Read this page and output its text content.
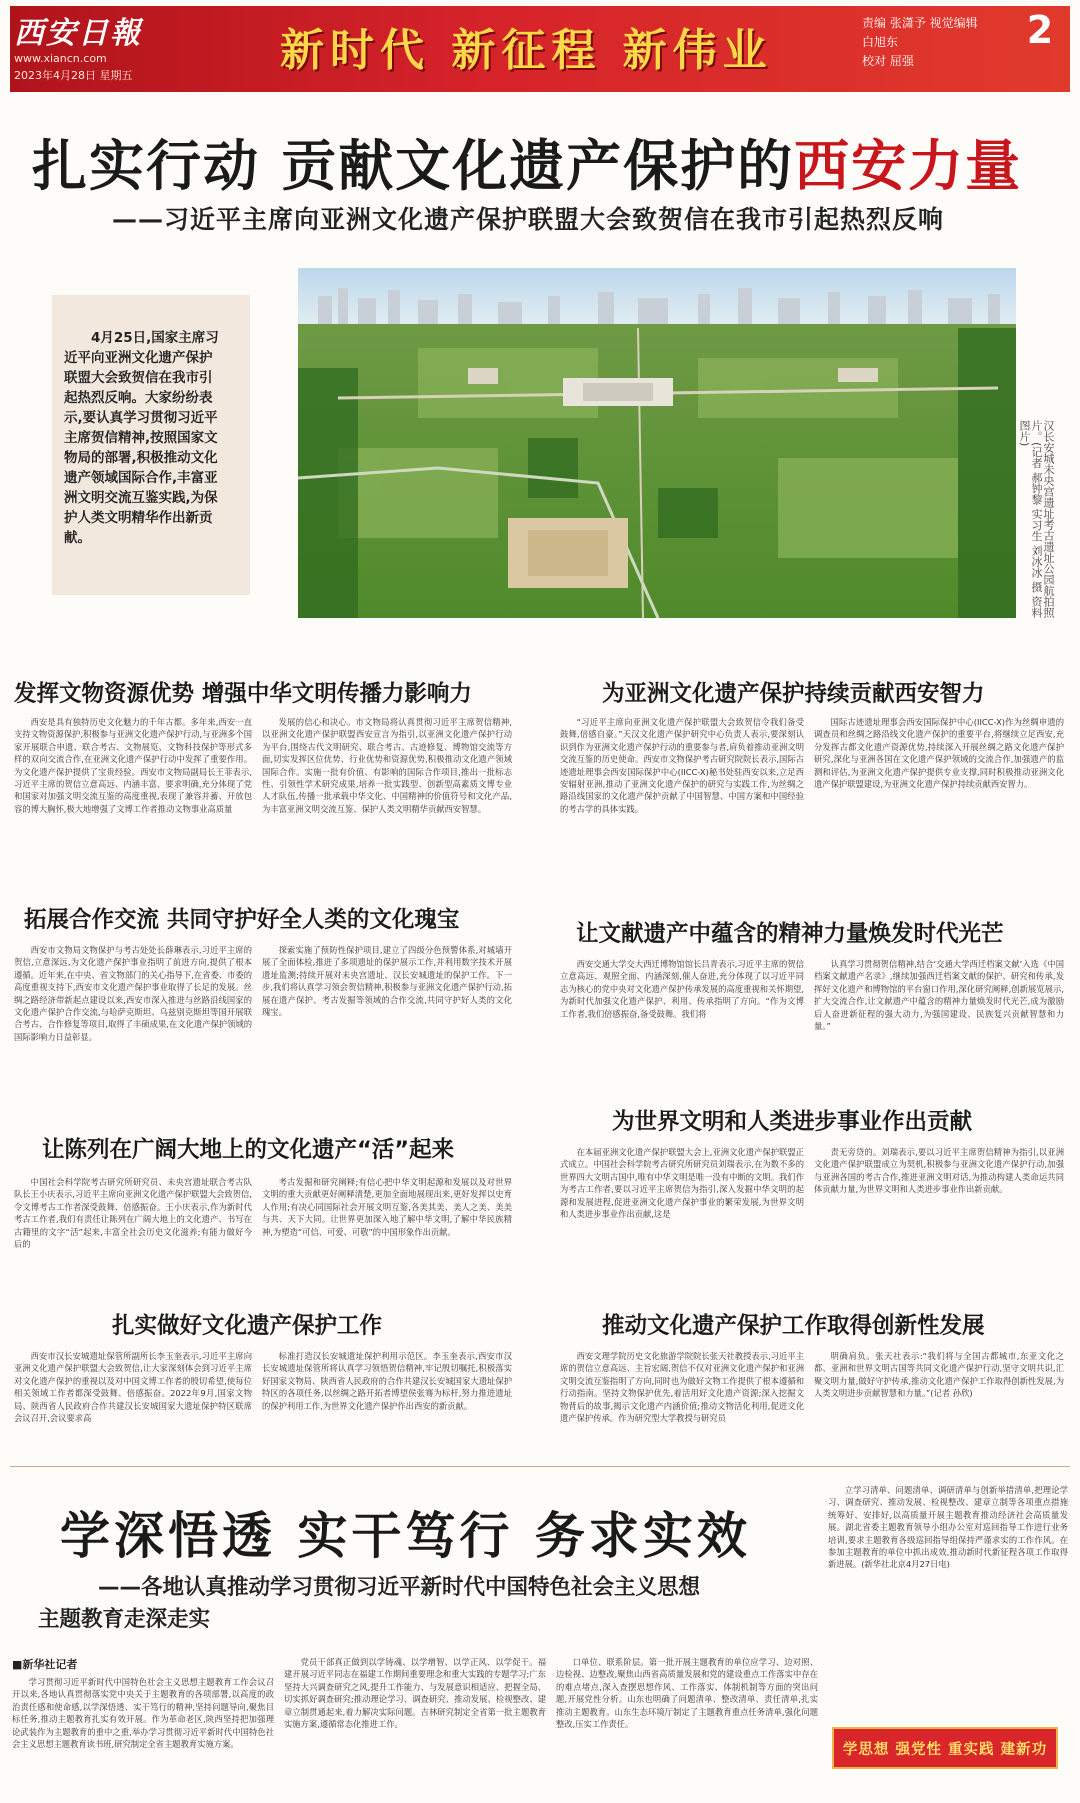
西安日報
www.xiancn.com
2023年4月28日 星期五	新时代 新征程 新伟业
责编 张潇予 视觉编辑 白旭东
校对 屈强
2
扎实行动 贡献文化遗产保护的西安力量
——习近平主席向亚洲文化遗产保护联盟大会致贺信在我市引起热烈反响
4月25日,国家主席习近平向亚洲文化遗产保护联盟大会致贺信在我市引起热烈反响。大家纷纷表示,要认真学习贯彻习近平主席贺信精神,按照国家文物局的部署,积极推动文化遗产领域国际合作,丰富亚洲文明交流互鉴实践,为保护人类文明精华作出新贡献。	汉长安城未央宫遗址考古遗址公园航拍照片。(记者 郝钟黎 实习生 刘冰冰 摄 资料图片)
发挥文物资源优势 增强中华文明传播力影响力
西安是具有独特历史文化魅力的千年古都。多年来,西安一直支持文物资源保护,积极参与亚洲文化遗产保护行动,与亚洲多个国家开展联合申遗、联合考古、文物展览、文物科技保护等形式多样的双向交流合作,在亚洲文化遗产保护行动中发挥了重要作用。为文化遗产保护提供了宝贵经验。西安市文物局副局长王菲表示,习近平主席的贺信立意高远、内涵丰富、要求明确,充分体现了党和国家对加强文明交流互鉴的高度重视,表现了兼容并蓄、开放包容的博大胸怀,极大地增强了文博工作者推动文物事业高质量
发展的信心和决心。市文物局将认真贯彻习近平主席贺信精神,以亚洲文化遗产保护联盟西安宣言为指引,以亚洲文化遗产保护行动为平台,围绕古代文明研究、联合考古、古迹修复、博物馆交流等方面,切实发挥区位优势、行业优势和资源优势,积极推动文化遗产领域国际合作。实施一批有价值、有影响的国际合作项目,推出一批标志性、引领性学术研究成果,培养一批实践型、创新型高素质文博专业人才队伍,传播一批承载中华文化、中国精神的价值符号和文化产品,为丰富亚洲文明交流互鉴、保护人类文明精华贡献西安智慧。
为亚洲文化遗产保护持续贡献西安智力
“习近平主席向亚洲文化遗产保护联盟大会致贺信令我们备受鼓舞,倍感自豪。”天汉文化遗产保护研究中心负责人表示,要深刻认识到作为亚洲文化遗产保护行动的重要参与者,肩负着推动亚洲文明交流互鉴的历史使命。西安市文物保护考古研究院院长表示,国际古迹遗址理事会西安国际保护中心(IICC-X)秘书处驻西安以来,立足西安辐射亚洲,推动了亚洲文化遗产保护的研究与实践工作,为丝绸之路沿线国家的文化遗产保护贡献了中国智慧、中国方案和中国经验的考古学的具体实践。
国际古迹遗址理事会西安国际保护中心(IICC-X)作为丝绸申遗的调查员和丝绸之路沿线文化遗产保护的重要平台,将继续立足西安,充分发挥古都文化遗产资源优势,持续深入开展丝绸之路文化遗产保护研究,深化与亚洲各国在文化遗产保护领域的交流合作,加强遗产的监测和评估,为亚洲文化遗产保护提供专业支撑,同时积极推动亚洲文化遗产保护联盟建设,为亚洲文化遗产保护持续贡献西安智力。
拓展合作交流 共同守护好全人类的文化瑰宝
西安市文物局文物保护与考古处处长薛琳表示,习近平主席的贺信,立意深远,为文化遗产保护事业指明了前进方向,提供了根本遵循。近年来,在中央、省文物部门的关心指导下,在省委、市委的高度重视支持下,西安市文化遗产保护事业取得了长足的发展。丝绸之路经济带新起点建设以来,西安市深入推进与丝路沿线国家的文化遗产保护合作交流,与哈萨克斯坦、乌兹别克斯坦等国开展联合考古、合作修复等项目,取得了丰硕成果,在文化遗产保护领域的国际影响力日益彰显。
探索实施了预防性保护项目,建立了四级分色预警体系,对城墙开展了全面体检,推进了多项遗址的保护展示工作,并利用数字技术开展遗址监测;持续开展对未央宫遗址、汉长安城遗址的保护工作。下一步,我们将认真学习领会贺信精神,积极参与亚洲文化遗产保护行动,拓展在遗产保护、考古发掘等领域的合作交流,共同守护好人类的文化瑰宝。
让文献遗产中蕴含的精神力量焕发时代光芒
西安交通大学交大西迁博物馆馆长吕青表示,习近平主席的贺信立意高远、观照全面、内涵深刻,催人奋进,充分体现了以习近平同志为核心的党中央对文化遗产保护传承发展的高度重视和关怀期望,为新时代加强文化遗产保护、利用、传承指明了方向。“作为文博工作者,我们倍感振奋,备受鼓舞。我们将
认真学习贯彻贺信精神,结合‘交通大学西迁档案文献’入选《中国档案文献遗产名录》,继续加强西迁档案文献的保护、研究和传承,发挥好文化遗产和博物馆的平台窗口作用,深化研究阐释,创新展览展示,扩大交流合作,让文献遗产中蕴含的精神力量焕发时代光芒,成为激励后人奋进新征程的强大动力,为强国建设、民族复兴贡献智慧和力量。”
让陈列在广阔大地上的文化遗产“活”起来
中国社会科学院考古研究所研究员、未央宫遗址联合考古队队长王小庆表示,习近平主席向亚洲文化遗产保护联盟大会致贺信,令文博考古工作者深受鼓舞、倍感振奋。王小庆表示,作为新时代考古工作者,我们有责任让陈列在广阔大地上的文化遗产、书写在古籍里的文字“活”起来,丰富全社会历史文化滋养;有能力做好今后的
考古发掘和研究阐释;有信心把中华文明起源和发展以及对世界文明的重大贡献更好阐释清楚,更加全面地展现出来,更好发挥以史育人作用;有决心同国际社会开展文明互鉴,各美其美、美人之美、美美与共、天下大同。让世界更加深入地了解中华文明,了解中华民族精神,为塑造“可信、可爱、可敬”的中国形象作出贡献。
为世界文明和人类进步事业作出贡献
在本届亚洲文化遗产保护联盟大会上,亚洲文化遗产保护联盟正式成立。中国社会科学院考古研究所研究员刘瑞表示,在为数不多的世界四大文明古国中,唯有中华文明是唯一没有中断的文明。我们作为考古工作者,要以习近平主席贺信为指引,深入发掘中华文明的起源和发展进程,促进亚洲文化遗产保护事业的繁荣发展,为世界文明和人类进步事业作出贡献,这是
责无旁贷的。刘瑞表示,要以习近平主席贺信精神为指引,以亚洲文化遗产保护联盟成立为契机,积极参与亚洲文化遗产保护行动,加强与亚洲各国的考古合作,推进亚洲文明对话,为推动构建人类命运共同体贡献力量,为世界文明和人类进步事业作出新贡献。
扎实做好文化遗产保护工作
西安市汉长安城遗址保管所副所长李玉奎表示,习近平主席向亚洲文化遗产保护联盟大会致贺信,让大家深刻体会到习近平主席对文化遗产保护的重视以及对中国文博工作者的殷切希望,使每位相关领域工作者都深受鼓舞、倍感振奋。2022年9月,国家文物局、陕西省人民政府合作共建汉长安城国家大遗址保护特区联席会议召开,会议要求高
标准打造汉长安城遗址保护利用示范区。李玉奎表示,西安市汉长安城遗址保管所将认真学习领悟贺信精神,牢记殷切嘱托,积极落实好国家文物局、陕西省人民政府的合作共建汉长安城国家大遗址保护特区的各项任务,以丝绸之路开拓者博望侯张骞为标杆,努力推进遗址的保护利用工作,为世界文化遗产保护作出西安的新贡献。
推动文化遗产保护工作取得创新性发展
西安文理学院历史文化旅游学院院长张天社教授表示,习近平主席的贺信立意高远、主旨宏阔,贺信不仅对亚洲文化遗产保护和亚洲文明交流互鉴指明了方向,同时也为做好文物工作提供了根本遵循和行动指南。坚持文物保护优先,着活用好文化遗产资源;深入挖掘文物背后的故事,揭示文化遗产内涵价值;推动文物活化利用,促进文化遗产保护传承。作为研究型大学教授与研究员
明确肩负。张天社表示:“我们将与全国古都城市,东亚文化之都、亚洲和世界文明古国等共同文化遗产保护行动,坚守文明共识,汇聚文明力量,做好守护传承,推动文化遗产保护工作取得创新性发展,为人类文明进步贡献智慧和力量。”(记者 孙欣)
学深悟透 实干笃行 务求实效
——各地认真推动学习贯彻习近平新时代中国特色社会主义思想
主题教育走深走实
■新华社记者
学习贯彻习近平新时代中国特色社会主义思想主题教育工作会议召开以来,各地认真贯彻落实党中央关于主题教育的各项部署,以高度的政治责任感和使命感,以学深悟透、实干笃行的精神,坚持问题导向,聚焦目标任务,推动主题教育扎实有效开展。作为革命老区,陕西坚持把加强理论武装作为主题教育的重中之重,举办学习贯彻习近平新时代中国特色社会主义思想主题教育读书班,研究制定全省主题教育实施方案。
党员干部真正做到以学铸魂、以学增智、以学正风、以学促干。福建开展习近平同志在福建工作期间重要理念和重大实践的专题学习;广东坚持大兴调查研究之风,提升工作能力、与发展意识相适应、把握全局、切实抓好调查研究;推动理论学习、调查研究、推动发展、检视整改、建章立制贯通起来,着力解决实际问题。吉林研究制定全省第一批主题教育实施方案,遵循常态化推进工作。
口单位、联系阶层。第一批开展主题教育的单位应学习、边对照、边检视、边整改,聚焦山西省高质量发展和党的建设重点工作落实中存在的难点堵点,深入查摆思想作风、工作落实、体制机制等方面的突出问题,开展党性分析。山东也明确了问题清单、整改清单、责任清单,扎实推动主题教育。山东生态环境厅制定了主题教育重点任务清单,强化问题整改,压实工作责任。
立学习清单、问题清单、调研清单与创新举措清单,把理论学习、调查研究、推动发展、检视整改、建章立制等各项重点措施统筹好、安排好,以高质量开展主题教育推动经济社会高质量发展。湖北省委主题教育领导小组办公室对巡回指导工作进行业务培训,要求主题教育各级巡回指导组保持严谨求实的工作作风。在参加主题教育的单位中抓出成效,推动新时代新征程各项工作取得新进展。(新华社北京4月27日电)
学思想 强党性 重实践 建新功
